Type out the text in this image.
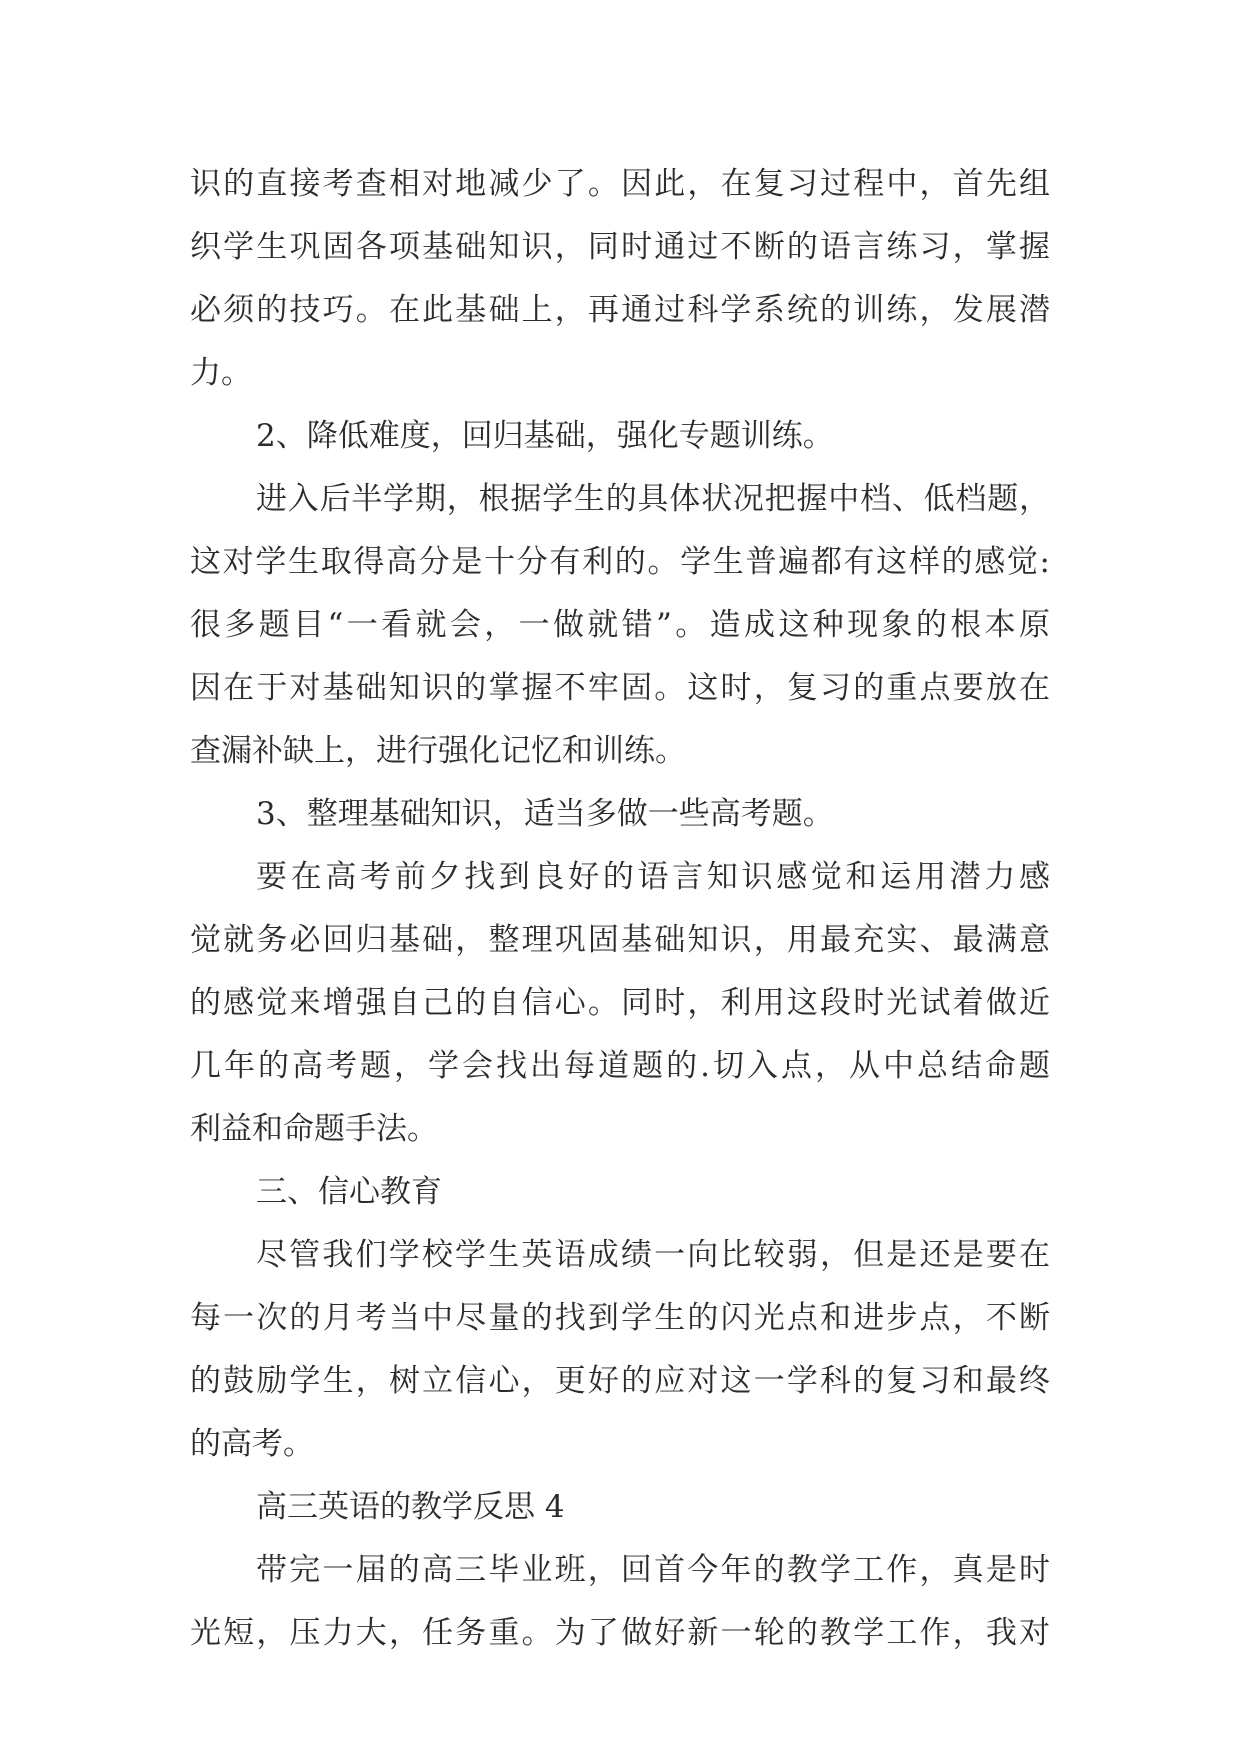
识的直接考查相对地减少了。因此，在复习过程中，首先组
织学生巩固各项基础知识，同时通过不断的语言练习，掌握
必须的技巧。在此基础上，再通过科学系统的训练，发展潜
力。
2、降低难度，回归基础，强化专题训练。
进入后半学期，根据学生的具体状况把握中档、低档题，
这对学生取得高分是十分有利的。学生普遍都有这样的感觉:
很多题目“一看就会，一做就错”。造成这种现象的根本原
因在于对基础知识的掌握不牢固。这时，复习的重点要放在
查漏补缺上，进行强化记忆和训练。
3、整理基础知识，适当多做一些高考题。
要在高考前夕找到良好的语言知识感觉和运用潜力感
觉就务必回归基础，整理巩固基础知识，用最充实、最满意
的感觉来增强自己的自信心。同时，利用这段时光试着做近
几年的高考题，学会找出每道题的.切入点，从中总结命题
利益和命题手法。
三、信心教育
尽管我们学校学生英语成绩一向比较弱，但是还是要在
每一次的月考当中尽量的找到学生的闪光点和进步点，不断
的鼓励学生，树立信心，更好的应对这一学科的复习和最终
的高考。
高三英语的教学反思 4
带完一届的高三毕业班，回首今年的教学工作，真是时
光短，压力大，任务重。为了做好新一轮的教学工作，我对
